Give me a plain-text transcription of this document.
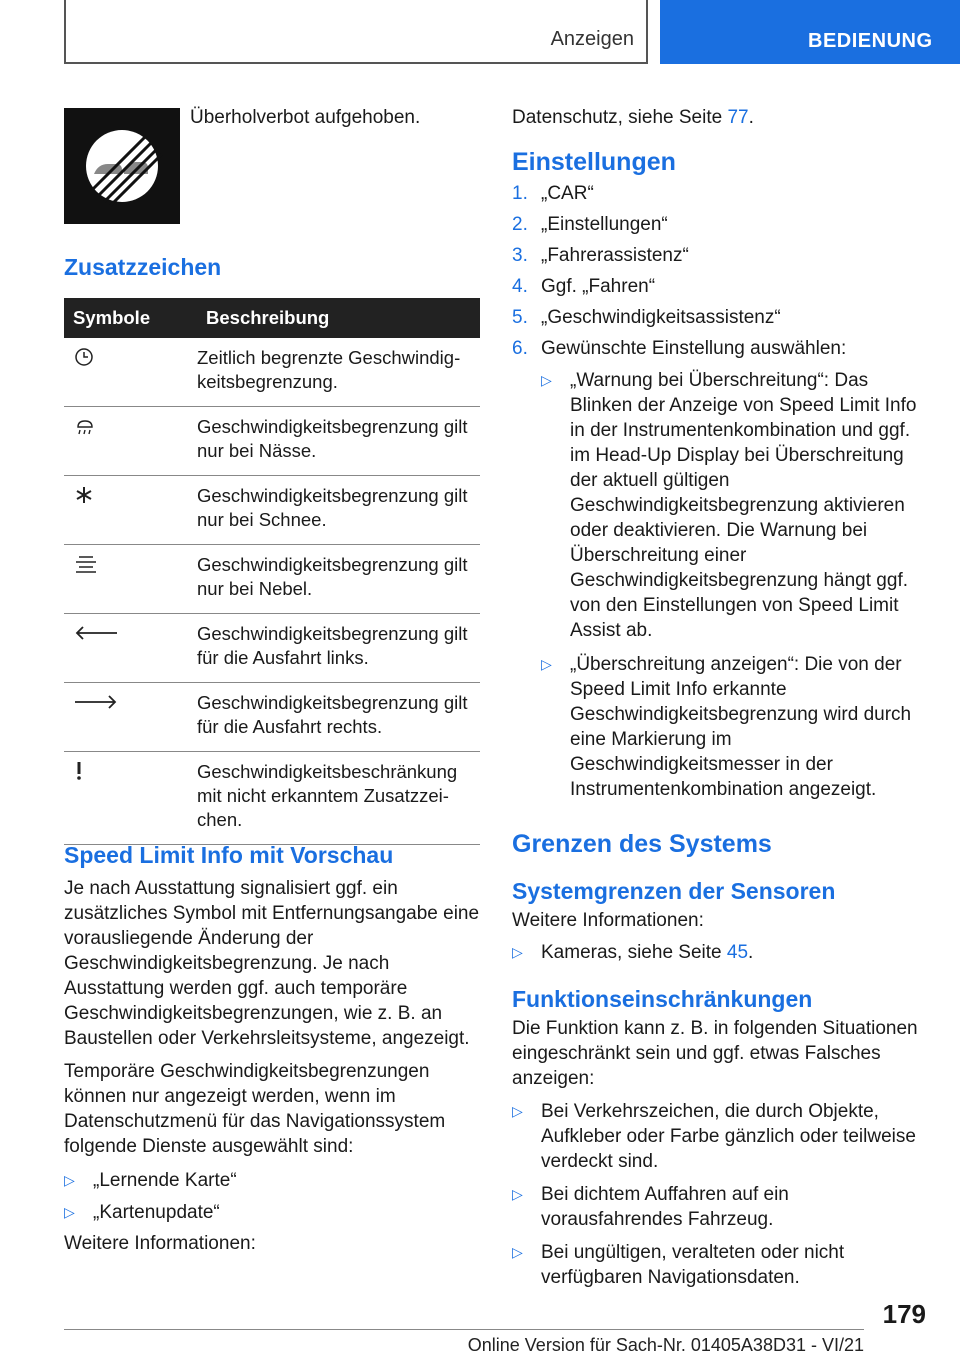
Anzeigen	BEDIENUNG

Überholverbot aufgehoben.

Zusatzzeichen
Symbole	Beschreibung
	Zeitlich begrenzte Geschwindig-keitsbegrenzung.
	Geschwindigkeitsbegrenzung gilt nur bei Nässe.
	Geschwindigkeitsbegrenzung gilt nur bei Schnee.
	Geschwindigkeitsbegrenzung gilt nur bei Nebel.
	Geschwindigkeitsbegrenzung gilt für die Ausfahrt links.
	Geschwindigkeitsbegrenzung gilt für die Ausfahrt rechts.
	Geschwindigkeitsbeschränkung mit nicht erkanntem Zusatzzei-chen.
Speed Limit Info mit Vorschau

Je nach Ausstattung signalisiert ggf. ein zusätzliches Symbol mit Entfernungsangabe eine vorausliegende Änderung der Geschwindigkeitsbegrenzung. Je nach Ausstattung werden ggf. auch temporäre Geschwindigkeitsbegrenzungen, wie z. B. an Baustellen oder Verkehrsleitsysteme, angezeigt.

Temporäre Geschwindigkeitsbegrenzungen können nur angezeigt werden, wenn im Datenschutzmenü für das Navigationssystem folgende Dienste ausgewählt sind:

▷ „Lernende Karte“
▷ „Kartenupdate“

Weitere Informationen:

Datenschutz, siehe Seite 77.

Einstellungen
1. „CAR“
2. „Einstellungen“
3. „Fahrerassistenz“
4. Ggf. „Fahren“
5. „Geschwindigkeitsassistenz“
6. Gewünschte Einstellung auswählen:
▷ „Warnung bei Überschreitung“: Das Blinken der Anzeige von Speed Limit Info in der Instrumentenkombination und ggf. im Head-Up Display bei Überschreitung der aktuell gültigen Geschwindigkeitsbegrenzung aktivieren oder deaktivieren. Die Warnung bei Überschreitung einer Geschwindigkeitsbegrenzung hängt ggf. von den Einstellungen von Speed Limit Assist ab.
▷ „Überschreitung anzeigen“: Die von der Speed Limit Info erkannte Geschwindigkeitsbegrenzung wird durch eine Markierung im Geschwindigkeitsmesser in der Instrumentenkombination angezeigt.
Grenzen des Systems
Systemgrenzen der Sensoren

Weitere Informationen:

▷ Kameras, siehe Seite 45.
Funktionseinschränkungen

Die Funktion kann z. B. in folgenden Situationen eingeschränkt sein und ggf. etwas Falsches anzeigen:

▷ Bei Verkehrszeichen, die durch Objekte, Aufkleber oder Farbe gänzlich oder teilweise verdeckt sind.
▷ Bei dichtem Auffahren auf ein vorausfahrendes Fahrzeug.
▷ Bei ungültigen, veralteten oder nicht verfügbaren Navigationsdaten.
179
Online Version für Sach-Nr. 01405A38D31 - VI/21
